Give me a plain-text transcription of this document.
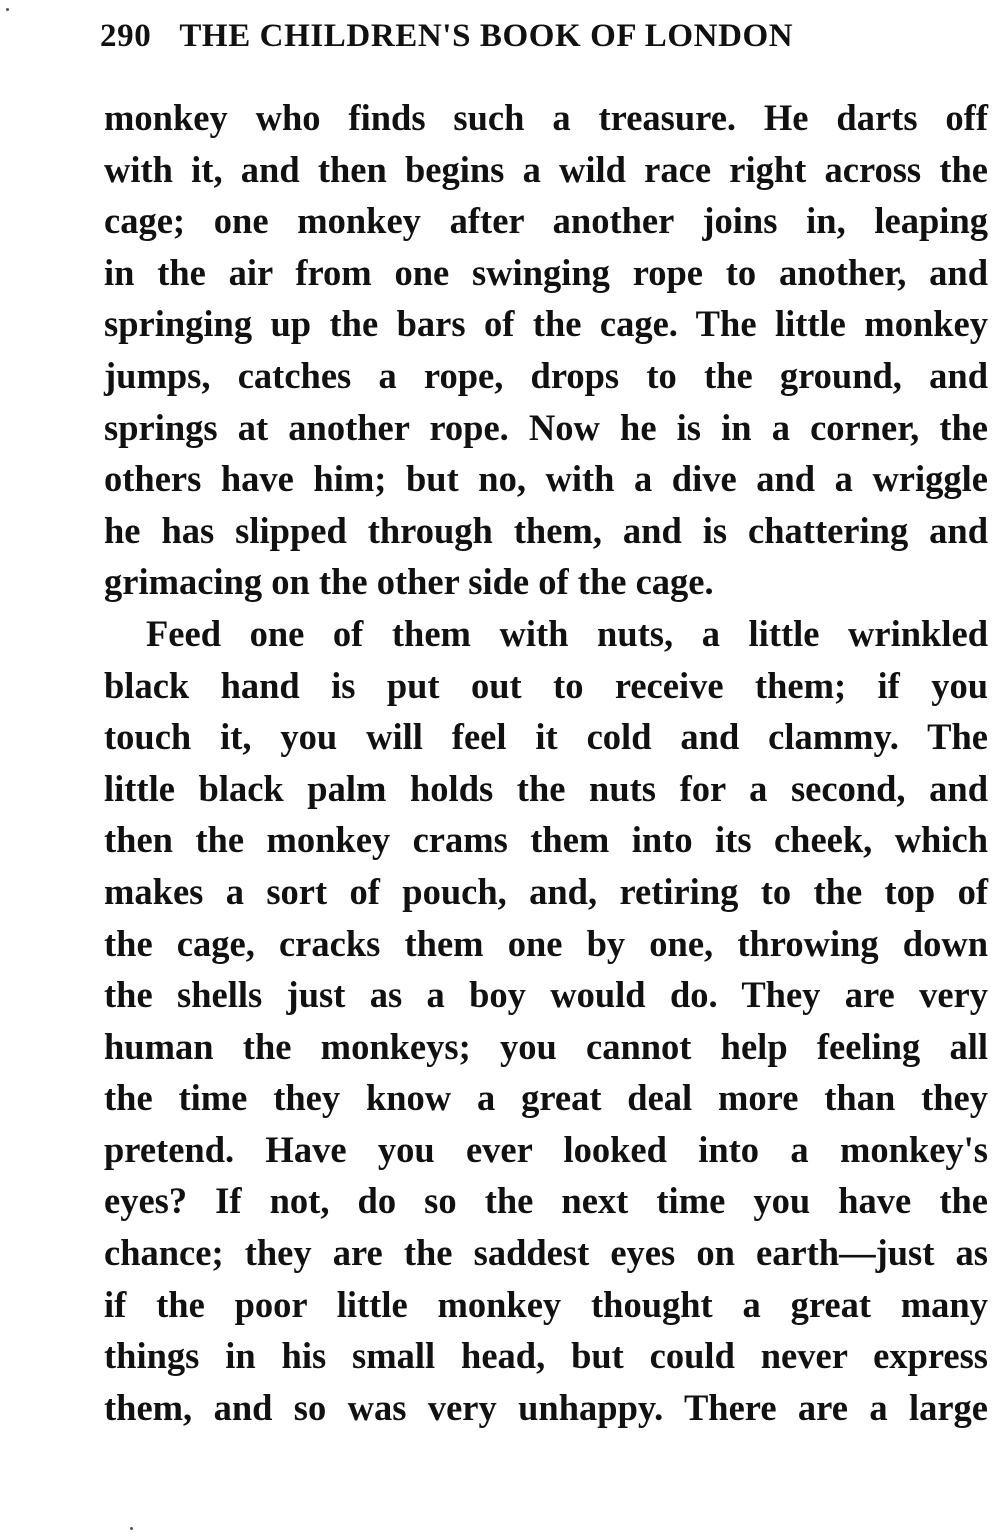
290 THE CHILDREN'S BOOK OF LONDON
monkey who finds such a treasure. He darts off
with it, and then begins a wild race right across the
cage; one monkey after another joins in, leaping
in the air from one swinging rope to another, and
springing up the bars of the cage. The little monkey
jumps, catches a rope, drops to the ground, and
springs at another rope. Now he is in a corner, the
others have him; but no, with a dive and a wriggle
he has slipped through them, and is chattering and
grimacing on the other side of the cage.
Feed one of them with nuts, a little wrinkled
black hand is put out to receive them; if you
touch it, you will feel it cold and clammy. The
little black palm holds the nuts for a second, and
then the monkey crams them into its cheek, which
makes a sort of pouch, and, retiring to the top of
the cage, cracks them one by one, throwing down
the shells just as a boy would do. They are very
human the monkeys; you cannot help feeling all
the time they know a great deal more than they
pretend. Have you ever looked into a monkey's
eyes? If not, do so the next time you have the
chance; they are the saddest eyes on earth—just as
if the poor little monkey thought a great many
things in his small head, but could never express
them, and so was very unhappy. There are a large
